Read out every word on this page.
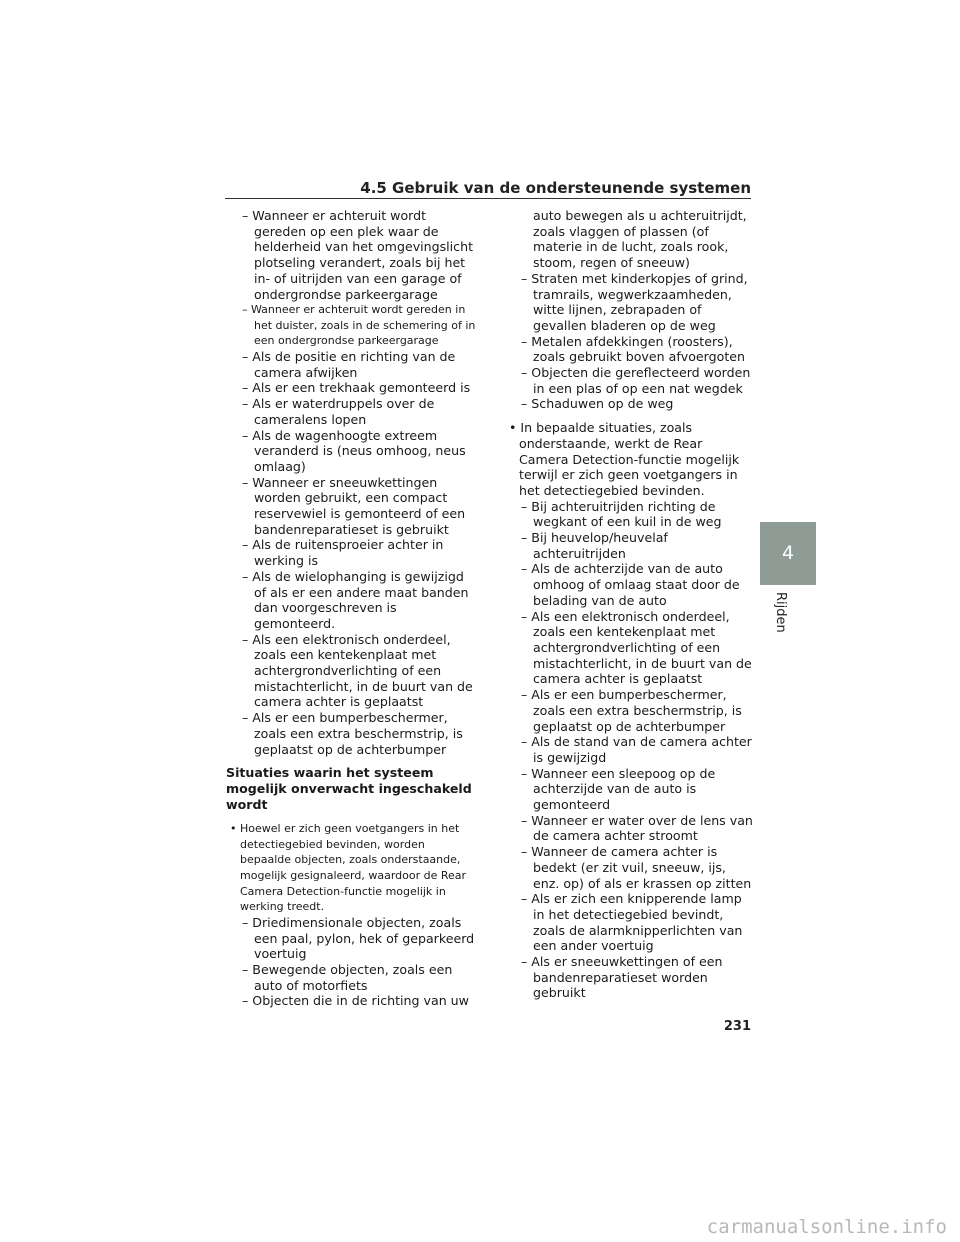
4.5 Gebruik van de ondersteunende systemen

– Wanneer er achteruit wordt gereden op een plek waar de helderheid van het omgevingslicht plotseling verandert, zoals bij het in- of uitrijden van een garage of ondergrondse parkeergarage

– Wanneer er achteruit wordt gereden in het duister, zoals in de schemering of in een ondergrondse parkeergarage

– Als de positie en richting van de camera afwijken

– Als er een trekhaak gemonteerd is

– Als er waterdruppels over de cameralens lopen

– Als de wagenhoogte extreem veranderd is (neus omhoog, neus omlaag)

– Wanneer er sneeuwkettingen worden gebruikt, een compact reservewiel is gemonteerd of een bandenreparatieset is gebruikt

– Als de ruitensproeier achter in werking is

– Als de wielophanging is gewijzigd of als er een andere maat banden dan voorgeschreven is gemonteerd.

– Als een elektronisch onderdeel, zoals een kentekenplaat met achtergrondverlichting of een mistachterlicht, in de buurt van de camera achter is geplaatst

– Als er een bumperbeschermer, zoals een extra beschermstrip, is geplaatst op de achterbumper

Situaties waarin het systeem mogelijk onverwacht ingeschakeld wordt

• Hoewel er zich geen voetgangers in het detectiegebied bevinden, worden bepaalde objecten, zoals onderstaande, mogelijk gesignaleerd, waardoor de Rear Camera Detection-functie mogelijk in werking treedt.

– Driedimensionale objecten, zoals een paal, pylon, hek of geparkeerd voertuig

– Bewegende objecten, zoals een auto of motorfiets

– Objecten die in de richting van uw

auto bewegen als u achteruitrijdt, zoals vlaggen of plassen (of materie in de lucht, zoals rook, stoom, regen of sneeuw)

– Straten met kinderkopjes of grind, tramrails, wegwerkzaamheden, witte lijnen, zebrapaden of gevallen bladeren op de weg

– Metalen afdekkingen (roosters), zoals gebruikt boven afvoergoten

– Objecten die gereflecteerd worden in een plas of op een nat wegdek

– Schaduwen op de weg

• In bepaalde situaties, zoals onderstaande, werkt de Rear Camera Detection-functie mogelijk terwijl er zich geen voetgangers in het detectiegebied bevinden.

– Bij achteruitrijden richting de wegkant of een kuil in de weg

– Bij heuvelop/heuvelaf achteruitrijden

– Als de achterzijde van de auto omhoog of omlaag staat door de belading van de auto

– Als een elektronisch onderdeel, zoals een kentekenplaat met achtergrondverlichting of een mistachterlicht, in de buurt van de camera achter is geplaatst

– Als er een bumperbeschermer, zoals een extra beschermstrip, is geplaatst op de achterbumper

– Als de stand van de camera achter is gewijzigd

– Wanneer een sleepoog op de achterzijde van de auto is gemonteerd

– Wanneer er water over de lens van de camera achter stroomt

– Wanneer de camera achter is bedekt (er zit vuil, sneeuw, ijs, enz. op) of als er krassen op zitten

– Als er zich een knipperende lamp in het detectiegebied bevindt, zoals de alarmknipperlichten van een ander voertuig

– Als er sneeuwkettingen of een bandenreparatieset worden gebruikt

4
Rijden
231
carmanualsonline.info
